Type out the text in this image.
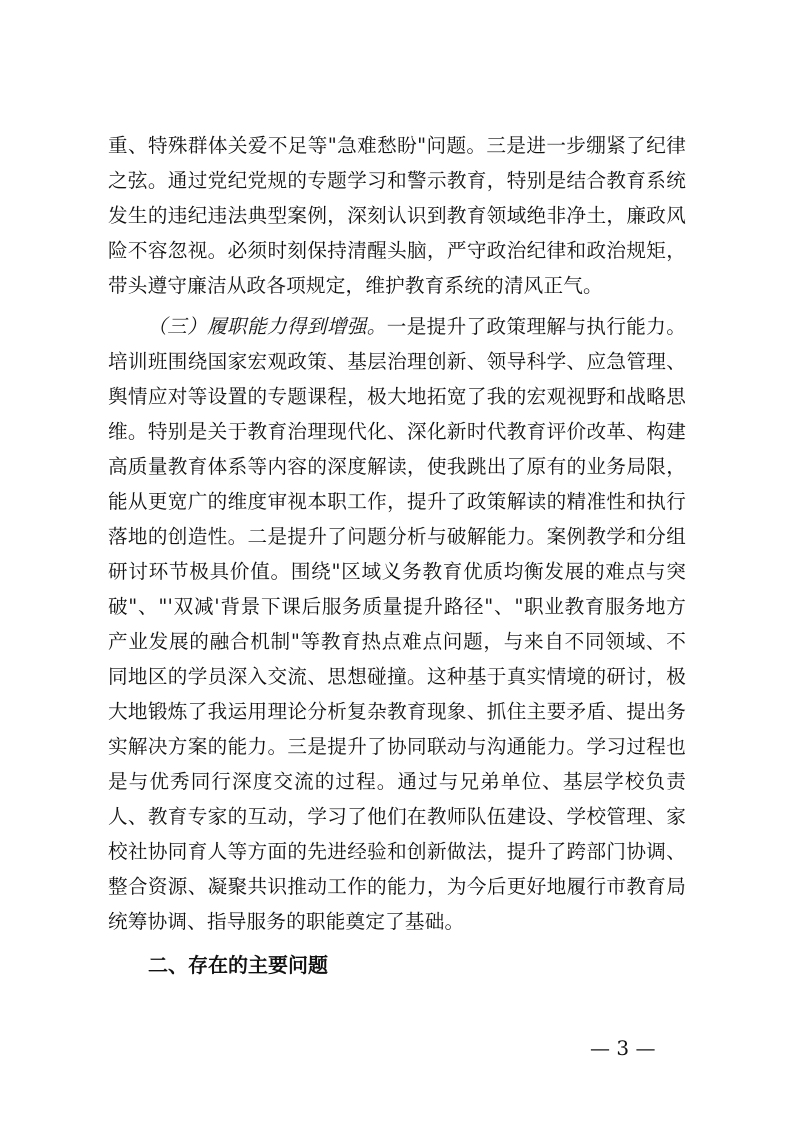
重、特殊群体关爱不足等"急难愁盼"问题。三是进一步绷紧了纪律之弦。通过党纪党规的专题学习和警示教育，特别是结合教育系统发生的违纪违法典型案例，深刻认识到教育领域绝非净土，廉政风险不容忽视。必须时刻保持清醒头脑，严守政治纪律和政治规矩，带头遵守廉洁从政各项规定，维护教育系统的清风正气。

（三）履职能力得到增强。一是提升了政策理解与执行能力。培训班围绕国家宏观政策、基层治理创新、领导科学、应急管理、舆情应对等设置的专题课程，极大地拓宽了我的宏观视野和战略思维。特别是关于教育治理现代化、深化新时代教育评价改革、构建高质量教育体系等内容的深度解读，使我跳出了原有的业务局限，能从更宽广的维度审视本职工作，提升了政策解读的精准性和执行落地的创造性。二是提升了问题分析与破解能力。案例教学和分组研讨环节极具价值。围绕"区域义务教育优质均衡发展的难点与突破"、"'双减'背景下课后服务质量提升路径"、"职业教育服务地方产业发展的融合机制"等教育热点难点问题，与来自不同领域、不同地区的学员深入交流、思想碰撞。这种基于真实情境的研讨，极大地锻炼了我运用理论分析复杂教育现象、抓住主要矛盾、提出务实解决方案的能力。三是提升了协同联动与沟通能力。学习过程也是与优秀同行深度交流的过程。通过与兄弟单位、基层学校负责人、教育专家的互动，学习了他们在教师队伍建设、学校管理、家校社协同育人等方面的先进经验和创新做法，提升了跨部门协调、整合资源、凝聚共识推动工作的能力，为今后更好地履行市教育局统筹协调、指导服务的职能奠定了基础。

二、存在的主要问题

— 3 —
